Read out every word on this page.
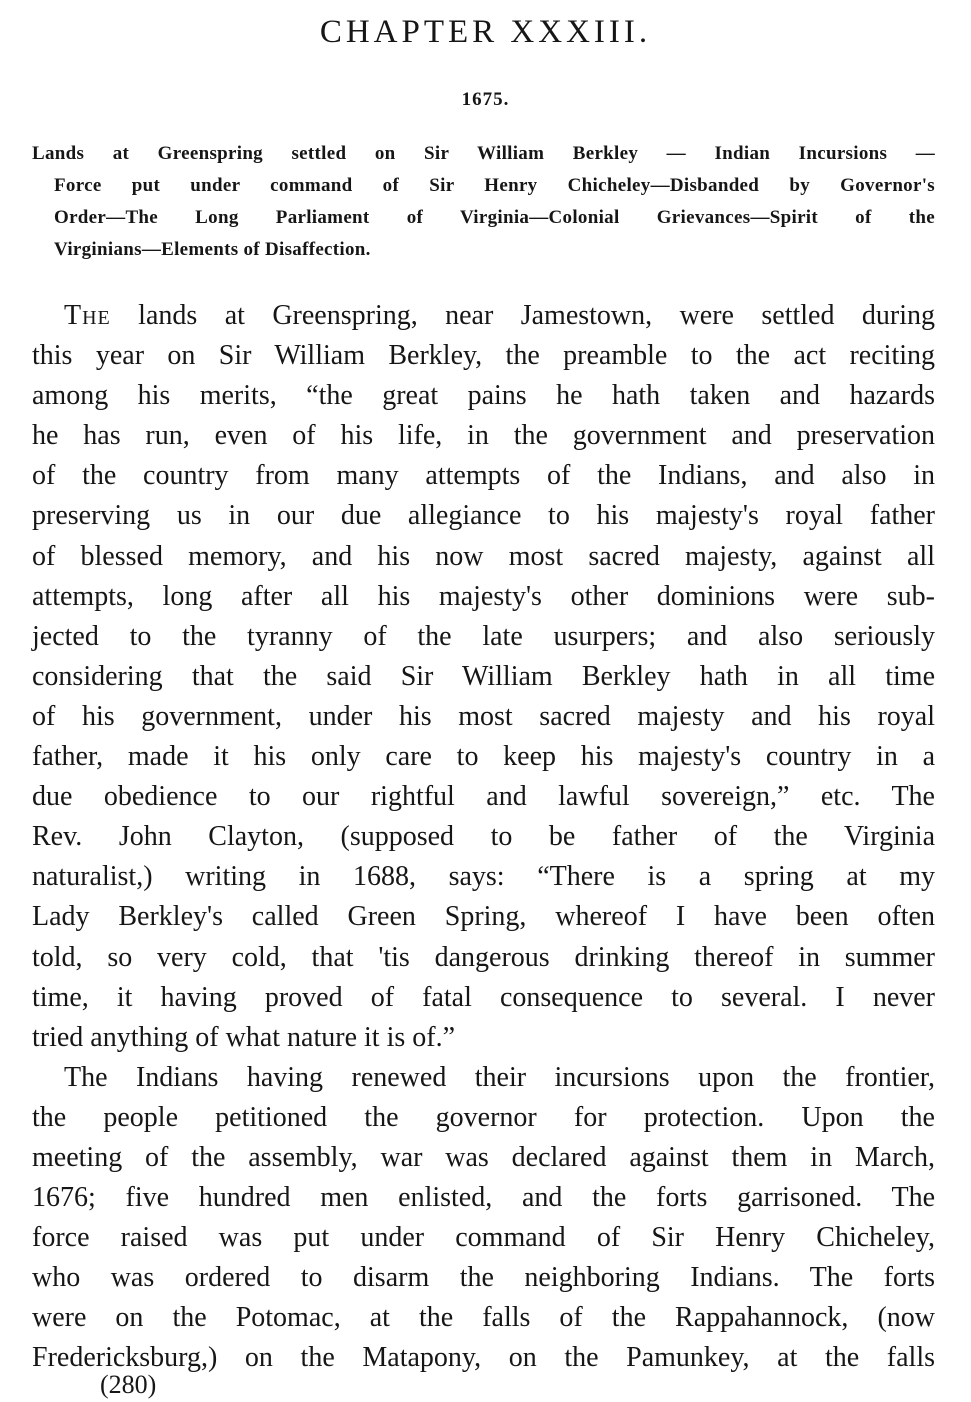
CHAPTER XXXIII.

1675.

Lands at Greenspring settled on Sir William Berkley — Indian Incursions —
Force put under command of Sir Henry Chicheley—Disbanded by Governor's
Order—The Long Parliament of Virginia—Colonial Grievances—Spirit of the
Virginians—Elements of Disaffection.
The lands at Greenspring, near Jamestown, were settled during
this year on Sir William Berkley, the preamble to the act reciting
among his merits, “the great pains he hath taken and hazards
he has run, even of his life, in the government and preservation
of the country from many attempts of the Indians, and also in
preserving us in our due allegiance to his majesty's royal father
of blessed memory, and his now most sacred majesty, against all
attempts, long after all his majesty's other dominions were sub-
jected to the tyranny of the late usurpers; and also seriously
considering that the said Sir William Berkley hath in all time
of his government, under his most sacred majesty and his royal
father, made it his only care to keep his majesty's country in a
due obedience to our rightful and lawful sovereign,” etc. The
Rev. John Clayton, (supposed to be father of the Virginia
naturalist,) writing in 1688, says: “There is a spring at my
Lady Berkley's called Green Spring, whereof I have been often
told, so very cold, that 'tis dangerous drinking thereof in summer
time, it having proved of fatal consequence to several. I never
tried anything of what nature it is of.”
The Indians having renewed their incursions upon the frontier,
the people petitioned the governor for protection. Upon the
meeting of the assembly, war was declared against them in March,
1676; five hundred men enlisted, and the forts garrisoned. The
force raised was put under command of Sir Henry Chicheley,
who was ordered to disarm the neighboring Indians. The forts
were on the Potomac, at the falls of the Rappahannock, (now
Fredericksburg,) on the Matapony, on the Pamunkey, at the falls

(280)
